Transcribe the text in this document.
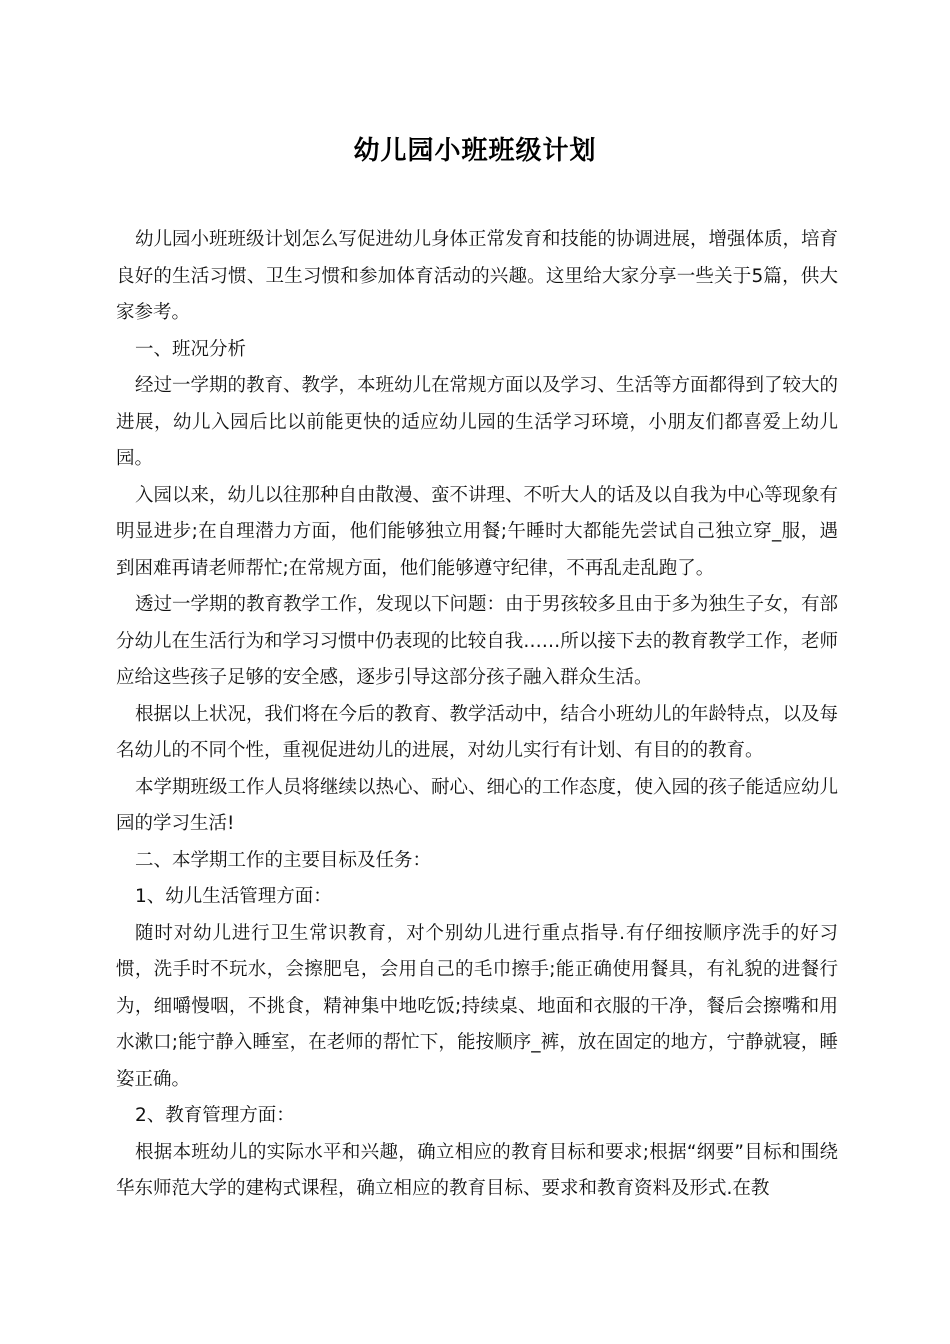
幼儿园小班班级计划

幼儿园小班班级计划怎么写促进幼儿身体正常发育和技能的协调进展，增强体质，培育良好的生活习惯、卫生习惯和参加体育活动的兴趣。这里给大家分享一些关于5篇，供大家参考。

一、班况分析

经过一学期的教育、教学，本班幼儿在常规方面以及学习、生活等方面都得到了较大的进展，幼儿入园后比以前能更快的适应幼儿园的生活学习环境，小朋友们都喜爱上幼儿园。

入园以来，幼儿以往那种自由散漫、蛮不讲理、不听大人的话及以自我为中心等现象有明显进步;在自理潜力方面，他们能够独立用餐;午睡时大都能先尝试自己独立穿_服，遇到困难再请老师帮忙;在常规方面，他们能够遵守纪律，不再乱走乱跑了。

透过一学期的教育教学工作，发现以下问题：由于男孩较多且由于多为独生子女，有部分幼儿在生活行为和学习习惯中仍表现的比较自我……所以接下去的教育教学工作，老师应给这些孩子足够的安全感，逐步引导这部分孩子融入群众生活。

根据以上状况，我们将在今后的教育、教学活动中，结合小班幼儿的年龄特点，以及每名幼儿的不同个性，重视促进幼儿的进展，对幼儿实行有计划、有目的的教育。

本学期班级工作人员将继续以热心、耐心、细心的工作态度，使入园的孩子能适应幼儿园的学习生活!

二、本学期工作的主要目标及任务：

1、幼儿生活管理方面：

随时对幼儿进行卫生常识教育，对个别幼儿进行重点指导.有仔细按顺序洗手的好习惯，洗手时不玩水，会擦肥皂，会用自己的毛巾擦手;能正确使用餐具，有礼貌的进餐行为，细嚼慢咽，不挑食，精神集中地吃饭;持续桌、地面和衣服的干净，餐后会擦嘴和用水漱口;能宁静入睡室，在老师的帮忙下，能按顺序_裤，放在固定的地方，宁静就寝，睡姿正确。

2、教育管理方面：

根据本班幼儿的实际水平和兴趣，确立相应的教育目标和要求;根据“纲要”目标和围绕华东师范大学的建构式课程，确立相应的教育目标、要求和教育资料及形式.在教
